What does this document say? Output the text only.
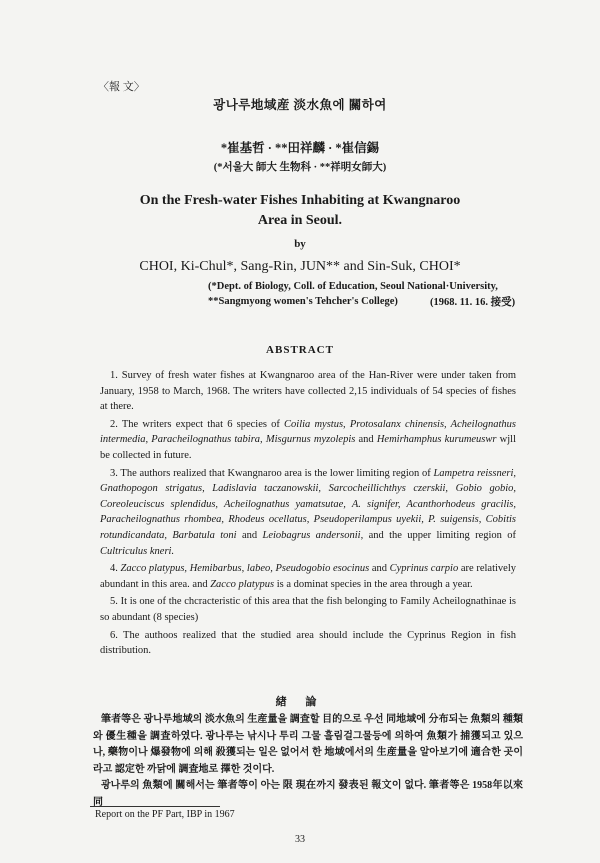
〈報 文〉
광나루地域産 淡水魚에 關하여
*崔基哲 · **田祥麟 · *崔信錫
(*서울大 師大 生物科 · **祥明女師大)
On the Fresh-water Fishes Inhabiting at Kwangnaroo
Area in Seoul.
by
CHOI, Ki-Chul*, Sang-Rin, JUN** and Sin-Suk, CHOI*
(*Dept. of Biology, Coll. of Education, Seoul National·University,
**Sangmyong women's Tehcher's College)	(1968. 11. 16. 接受)
ABSTRACT

1. Survey of fresh water fishes at Kwangnaroo area of the Han-River were under taken from January, 1958 to March, 1968. The writers have collected 2,15 individuals of 54 species of fishes at there.

2. The writers expect that 6 species of Coilia mystus, Protosalanx chinensis, Acheilognathus intermedia, Paracheilognathus tabira, Misgurnus myzolepis and Hemirhamphus kurumeuswr wjll be collected in future.

3. The authors realized that Kwangnaroo area is the lower limiting region of Lampetra reissneri, Gnathopogon strigatus, Ladislavia taczanowskii, Sarcocheillichthys czerskii, Gobio gobio, Coreoleuciscus splendidus, Acheilognathus yamatsutae, A. signifer, Acanthorhodeus gracilis, Paracheilognathus rhombea, Rhodeus ocellatus, Pseudoperilampus uyekii, P. suigensis, Cobitis rotundicandata, Barbatula toni and Leiobagrus andersonii, and the upper limiting region of Cultriculus kneri.

4. Zacco platypus, Hemibarbus, labeo, Pseudogobio esocinus and Cyprinus carpio are relatively abundant in this area. and Zacco platypus is a dominat species in the area through a year.

5. It is one of the chcracteristic of this area that the fish belonging to Family Acheilognathinae is so abundant (8 species)

6. The authoos realized that the studied area should include the Cyprinus Region in fish distribution.

緖 論

筆者等은 광나루地域의 淡水魚의 生産量을 調査할 目的으로 우선 同地域에 分布되는 魚類의 種類와 優生種을 調査하였다. 광나루는 낚시나 투리 그물 흘림걸그물등에 의하여 魚類가 捕獲되고 있으나, 藥物이나 爆發物에 의해 殺獲되는 일은 없어서 한 地域에서의 生産量을 알아보기에 適合한 곳이라고 認定한 까닭에 調査地로 擇한 것이다.

광나루의 魚類에 關해서는 筆者等이 아는 限 現在까지 發表된 報文이 없다. 筆者等은 1958年以來 同

Report on the PF Part, IBP in 1967
33
